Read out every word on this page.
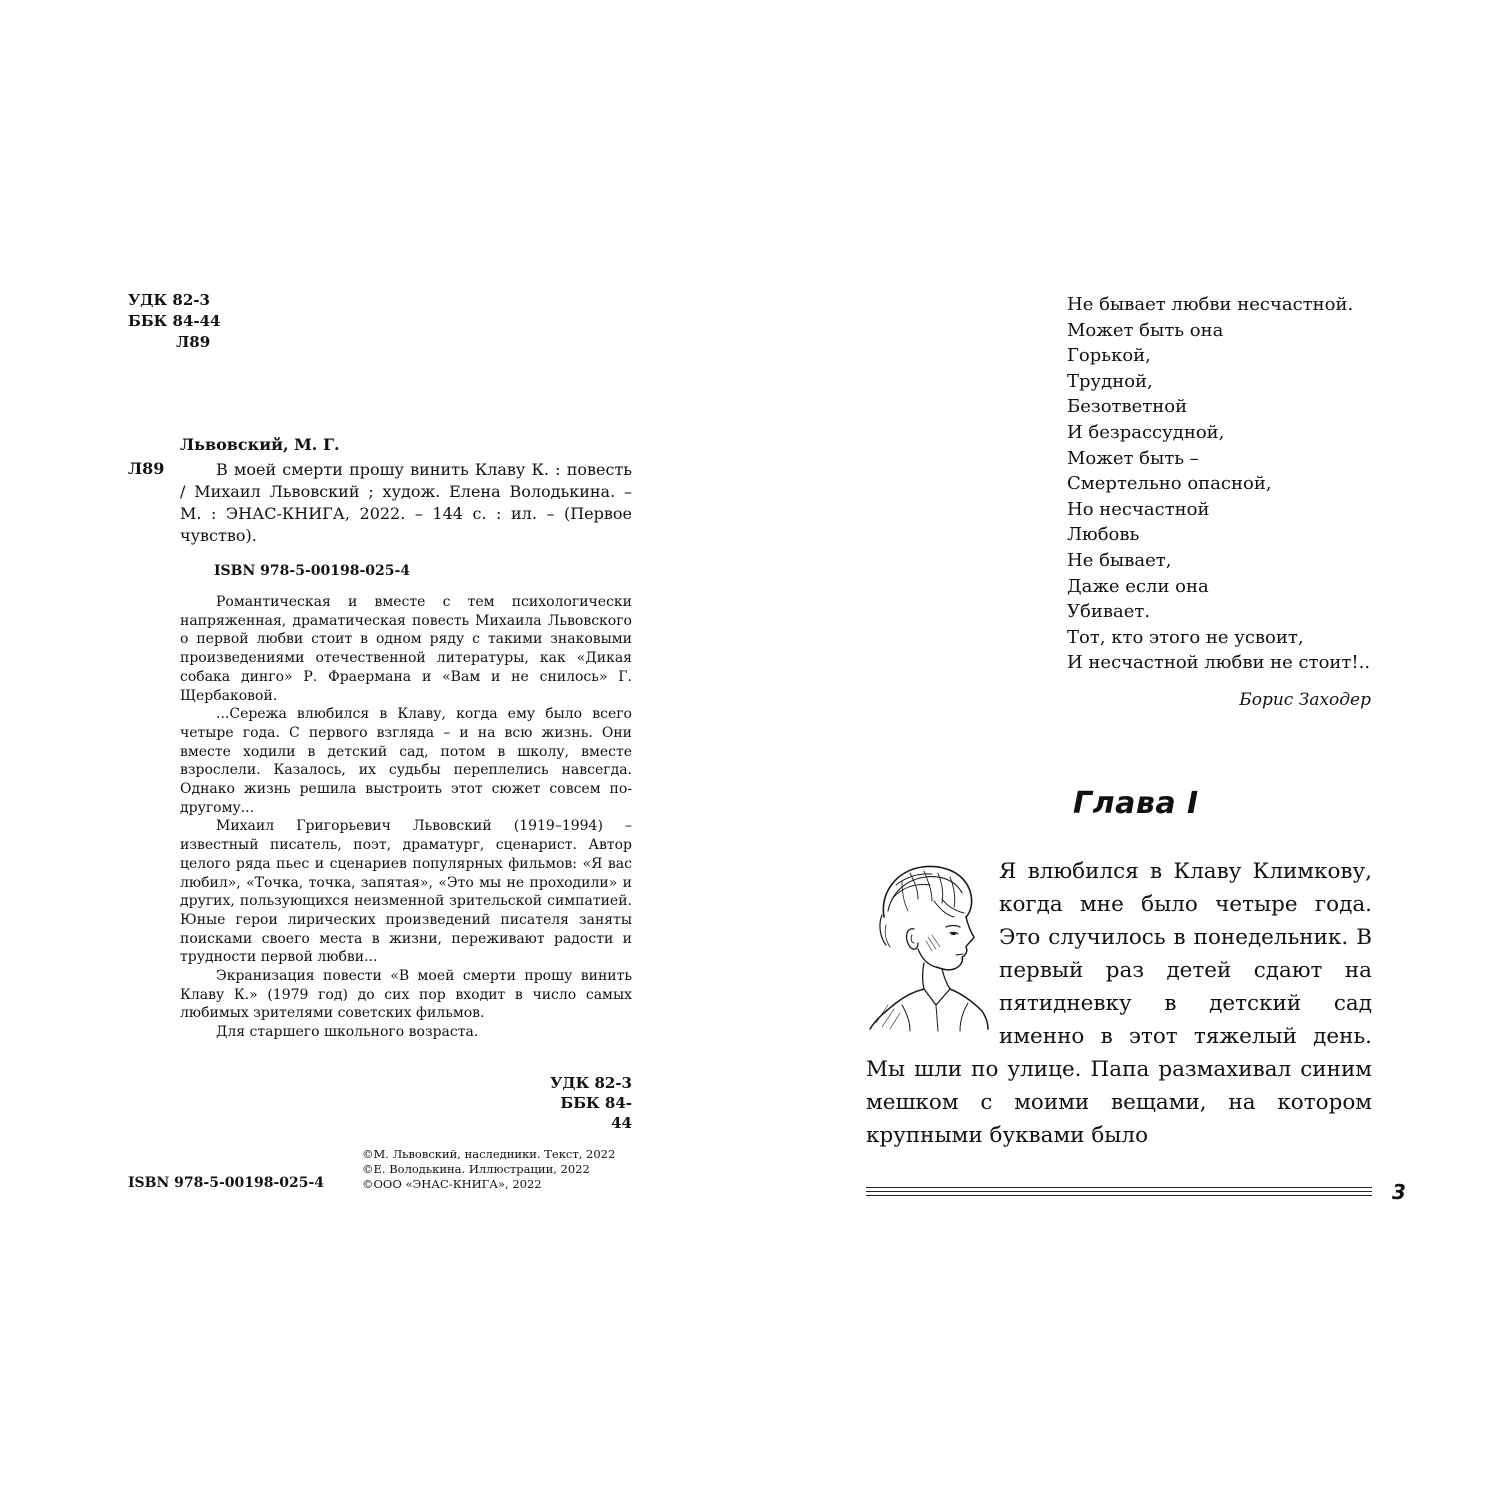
УДК 82-3
ББК 84-44
Л89
Львовский, М. Г.
Л89	В моей смерти прошу винить Клаву К. : повесть / Михаил Львовский ; худож. Елена Володькина. – М. : ЭНАС-КНИГА, 2022. – 144 с. : ил. – (Первое чувство).

ISBN 978-5-00198-025-4

Романтическая и вместе с тем психологически напряженная, драматическая повесть Михаила Львовского о первой любви стоит в одном ряду с такими знаковыми произведениями отечественной литературы, как «Дикая собака динго» Р. Фраермана и «Вам и не снилось» Г. Щербаковой.

...Сережа влюбился в Клаву, когда ему было всего четыре года. С первого взгляда – и на всю жизнь. Они вместе ходили в детский сад, потом в школу, вместе взрослели. Казалось, их судьбы переплелись навсегда. Однако жизнь решила выстроить этот сюжет совсем по-другому...

Михаил Григорьевич Львовский (1919–1994) – известный писатель, поэт, драматург, сценарист. Автор целого ряда пьес и сценариев популярных фильмов: «Я вас любил», «Точка, точка, запятая», «Это мы не проходили» и других, пользующихся неизменной зрительской симпатией. Юные герои лирических произведений писателя заняты поисками своего места в жизни, переживают радости и трудности первой любви...

Экранизация повести «В моей смерти прошу винить Клаву К.» (1979 год) до сих пор входит в число самых любимых зрителями советских фильмов.

Для старшего школьного возраста.

УДК 82-3
ББК 84-44
ISBN 978-5-00198-025-4
©М. Львовский, наследники. Текст, 2022
©Е. Володькина. Иллюстрации, 2022
©ООО «ЭНАС-КНИГА», 2022
Не бывает любви несчастной.
Может быть она
Горькой,
Трудной,
Безответной
И безрассудной,
Может быть –
Смертельно опасной,
Но несчастной
Любовь
Не бывает,
Даже если она
Убивает.
Тот, кто этого не усвоит,
И несчастной любви не стоит!..
Борис Заходер
Глава I

Я влюбился в Клаву Климкову, когда мне было четыре года. Это случилось в понедельник. В первый раз детей сдают на пятидневку в детский сад именно в этот тяжелый день. Мы шли по улице. Папа размахивал синим мешком с моими вещами, на котором крупными буквами было

3
